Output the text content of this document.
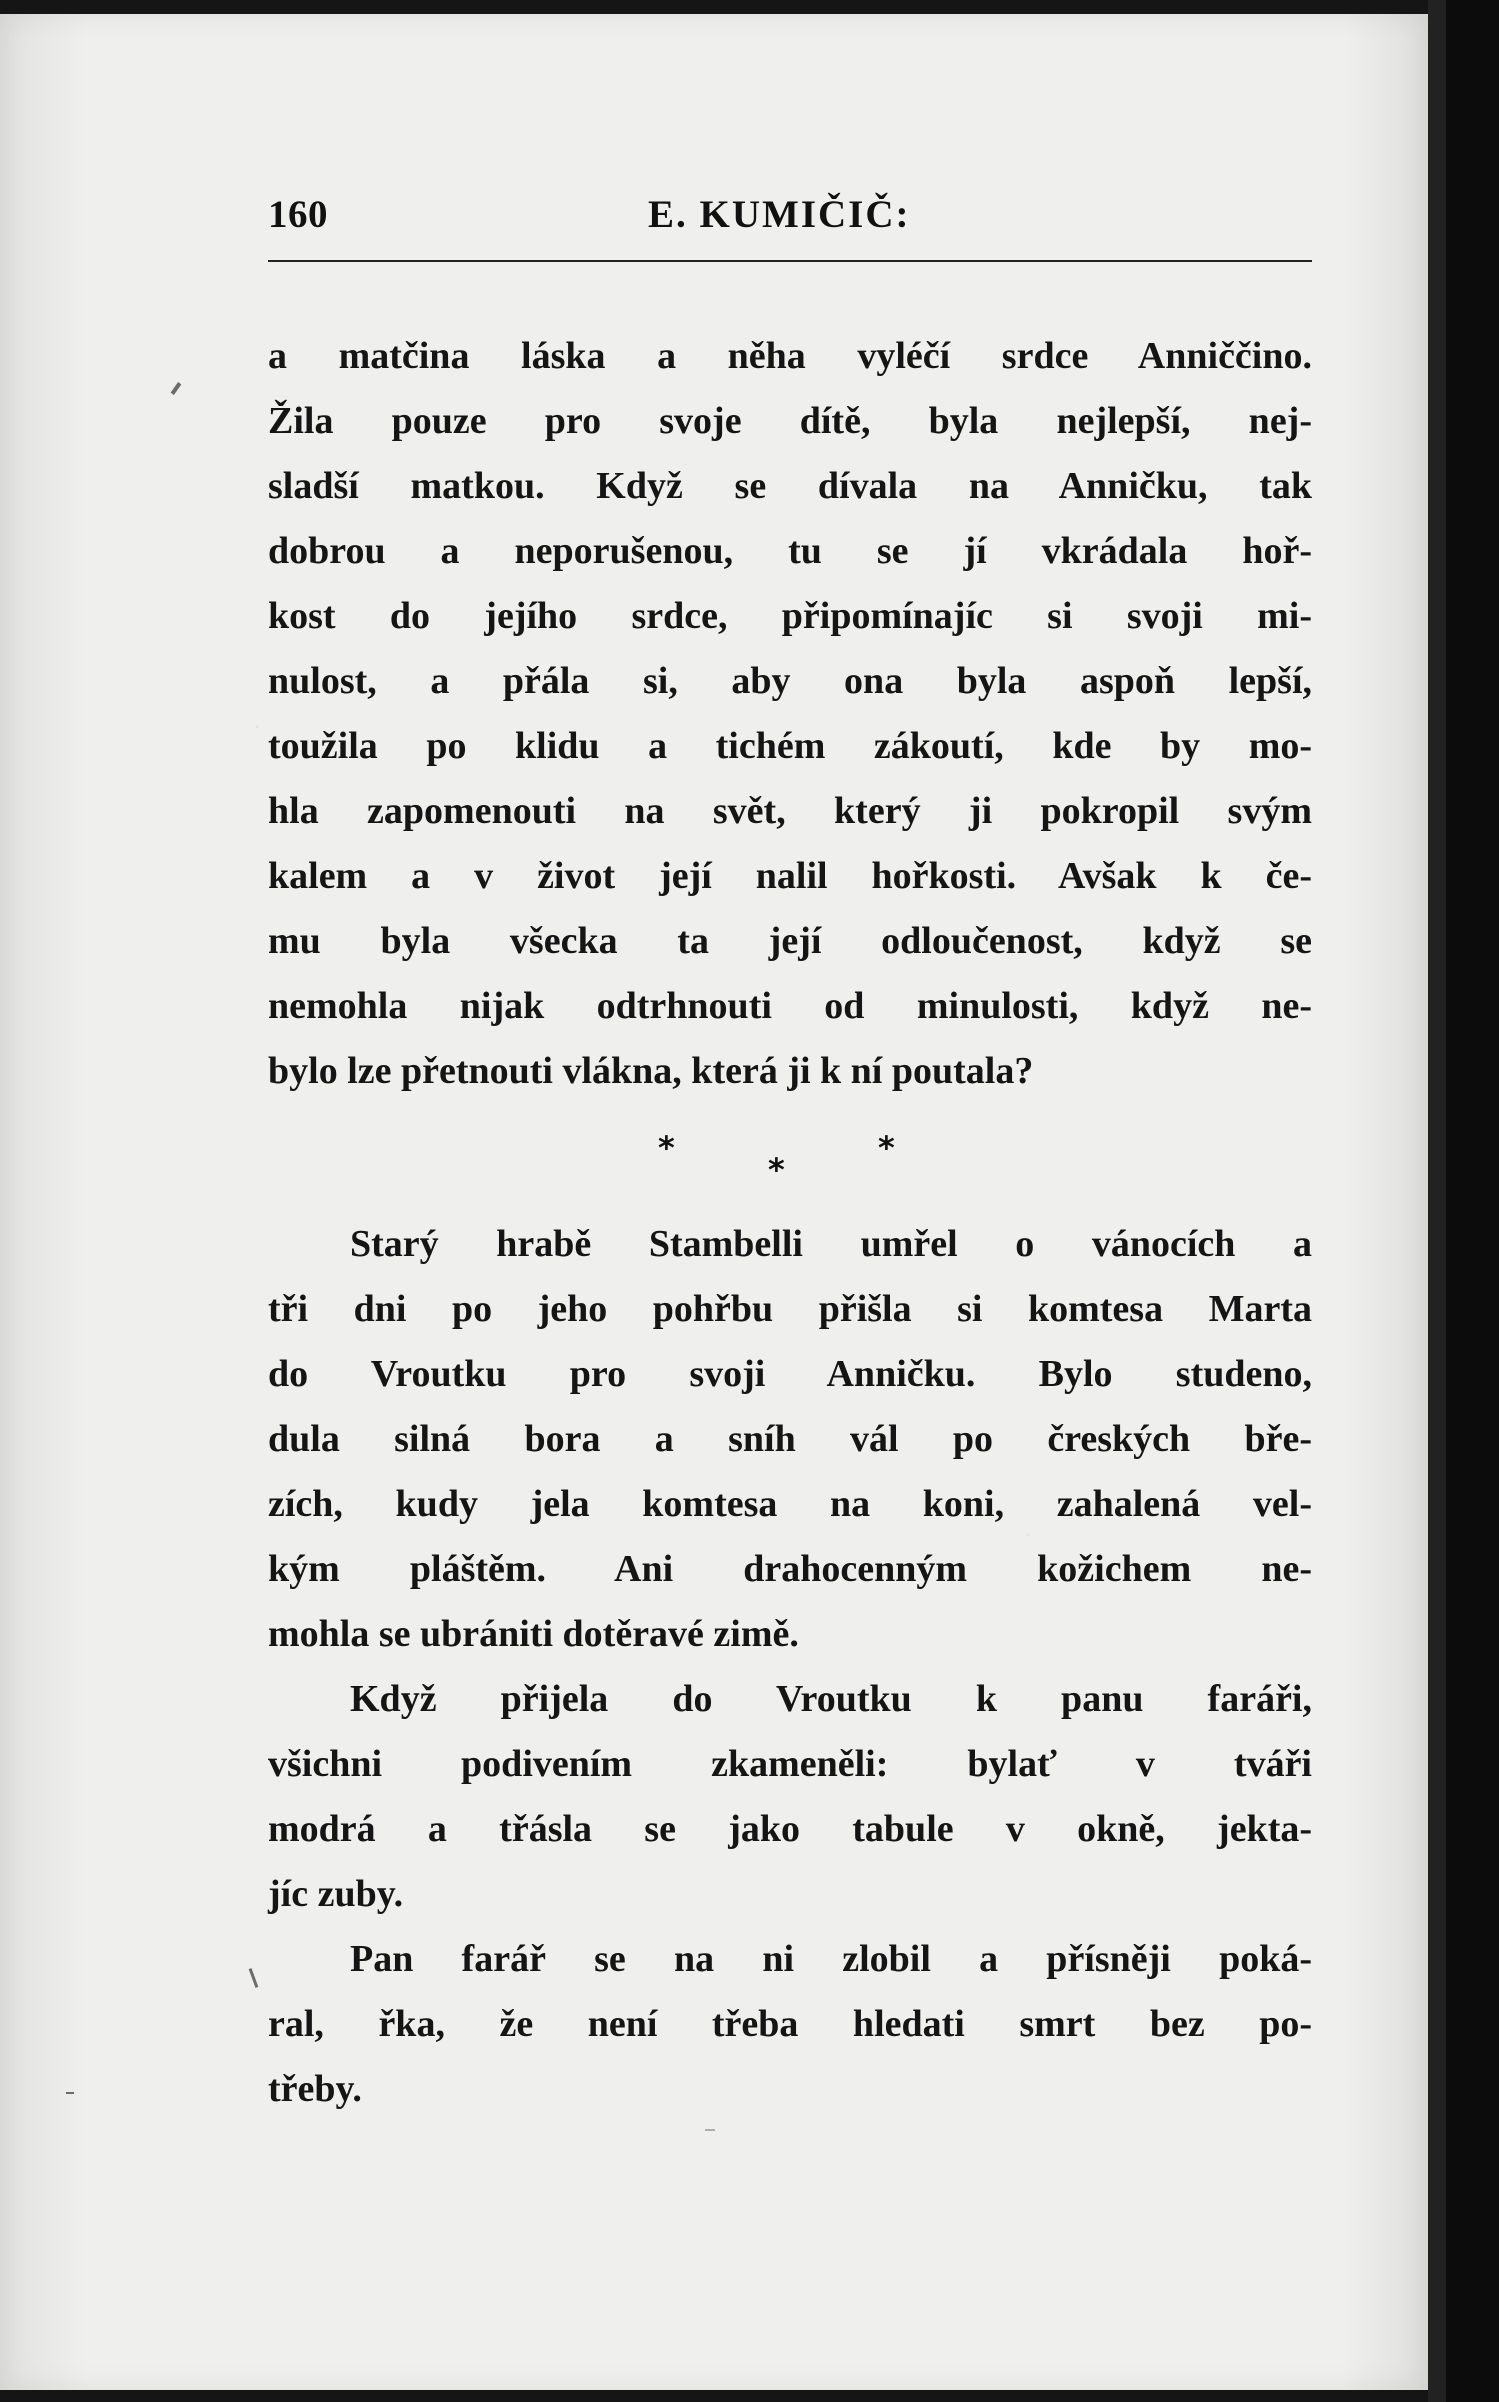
160	E. KUMIČIČ:
a matčina láska a něha vyléčí srdce Anniččino.
Žila pouze pro svoje dítě, byla nejlepší, nej-
sladší matkou. Když se dívala na Anničku, tak
dobrou a neporušenou, tu se jí vkrádala hoř-
kost do jejího srdce, připomínajíc si svoji mi-
nulost, a přála si, aby ona byla aspoň lepší,
toužila po klidu a tichém zákoutí, kde by mo-
hla zapomenouti na svět, který ji pokropil svým
kalem a v život její nalil hořkosti. Avšak k če-
mu byla všecka ta její odloučenost, když se
nemohla nijak odtrhnouti od minulosti, když ne-
bylo lze přetnouti vlákna, která ji k ní poutala?
*
*
*
Starý hrabě Stambelli umřel o vánocích a
tři dni po jeho pohřbu přišla si komtesa Marta
do Vroutku pro svoji Anničku. Bylo studeno,
dula silná bora a sníh vál po čreských bře-
zích, kudy jela komtesa na koni, zahalená vel-
kým pláštěm. Ani drahocenným kožichem ne-
mohla se ubrániti dotěravé zimě.
Když přijela do Vroutku k panu faráři,
všichni podivením zkameněli: bylať v tváři
modrá a třásla se jako tabule v okně, jekta-
jíc zuby.
Pan farář se na ni zlobil a přísněji poká-
ral, řka, že není třeba hledati smrt bez po-
třeby.
